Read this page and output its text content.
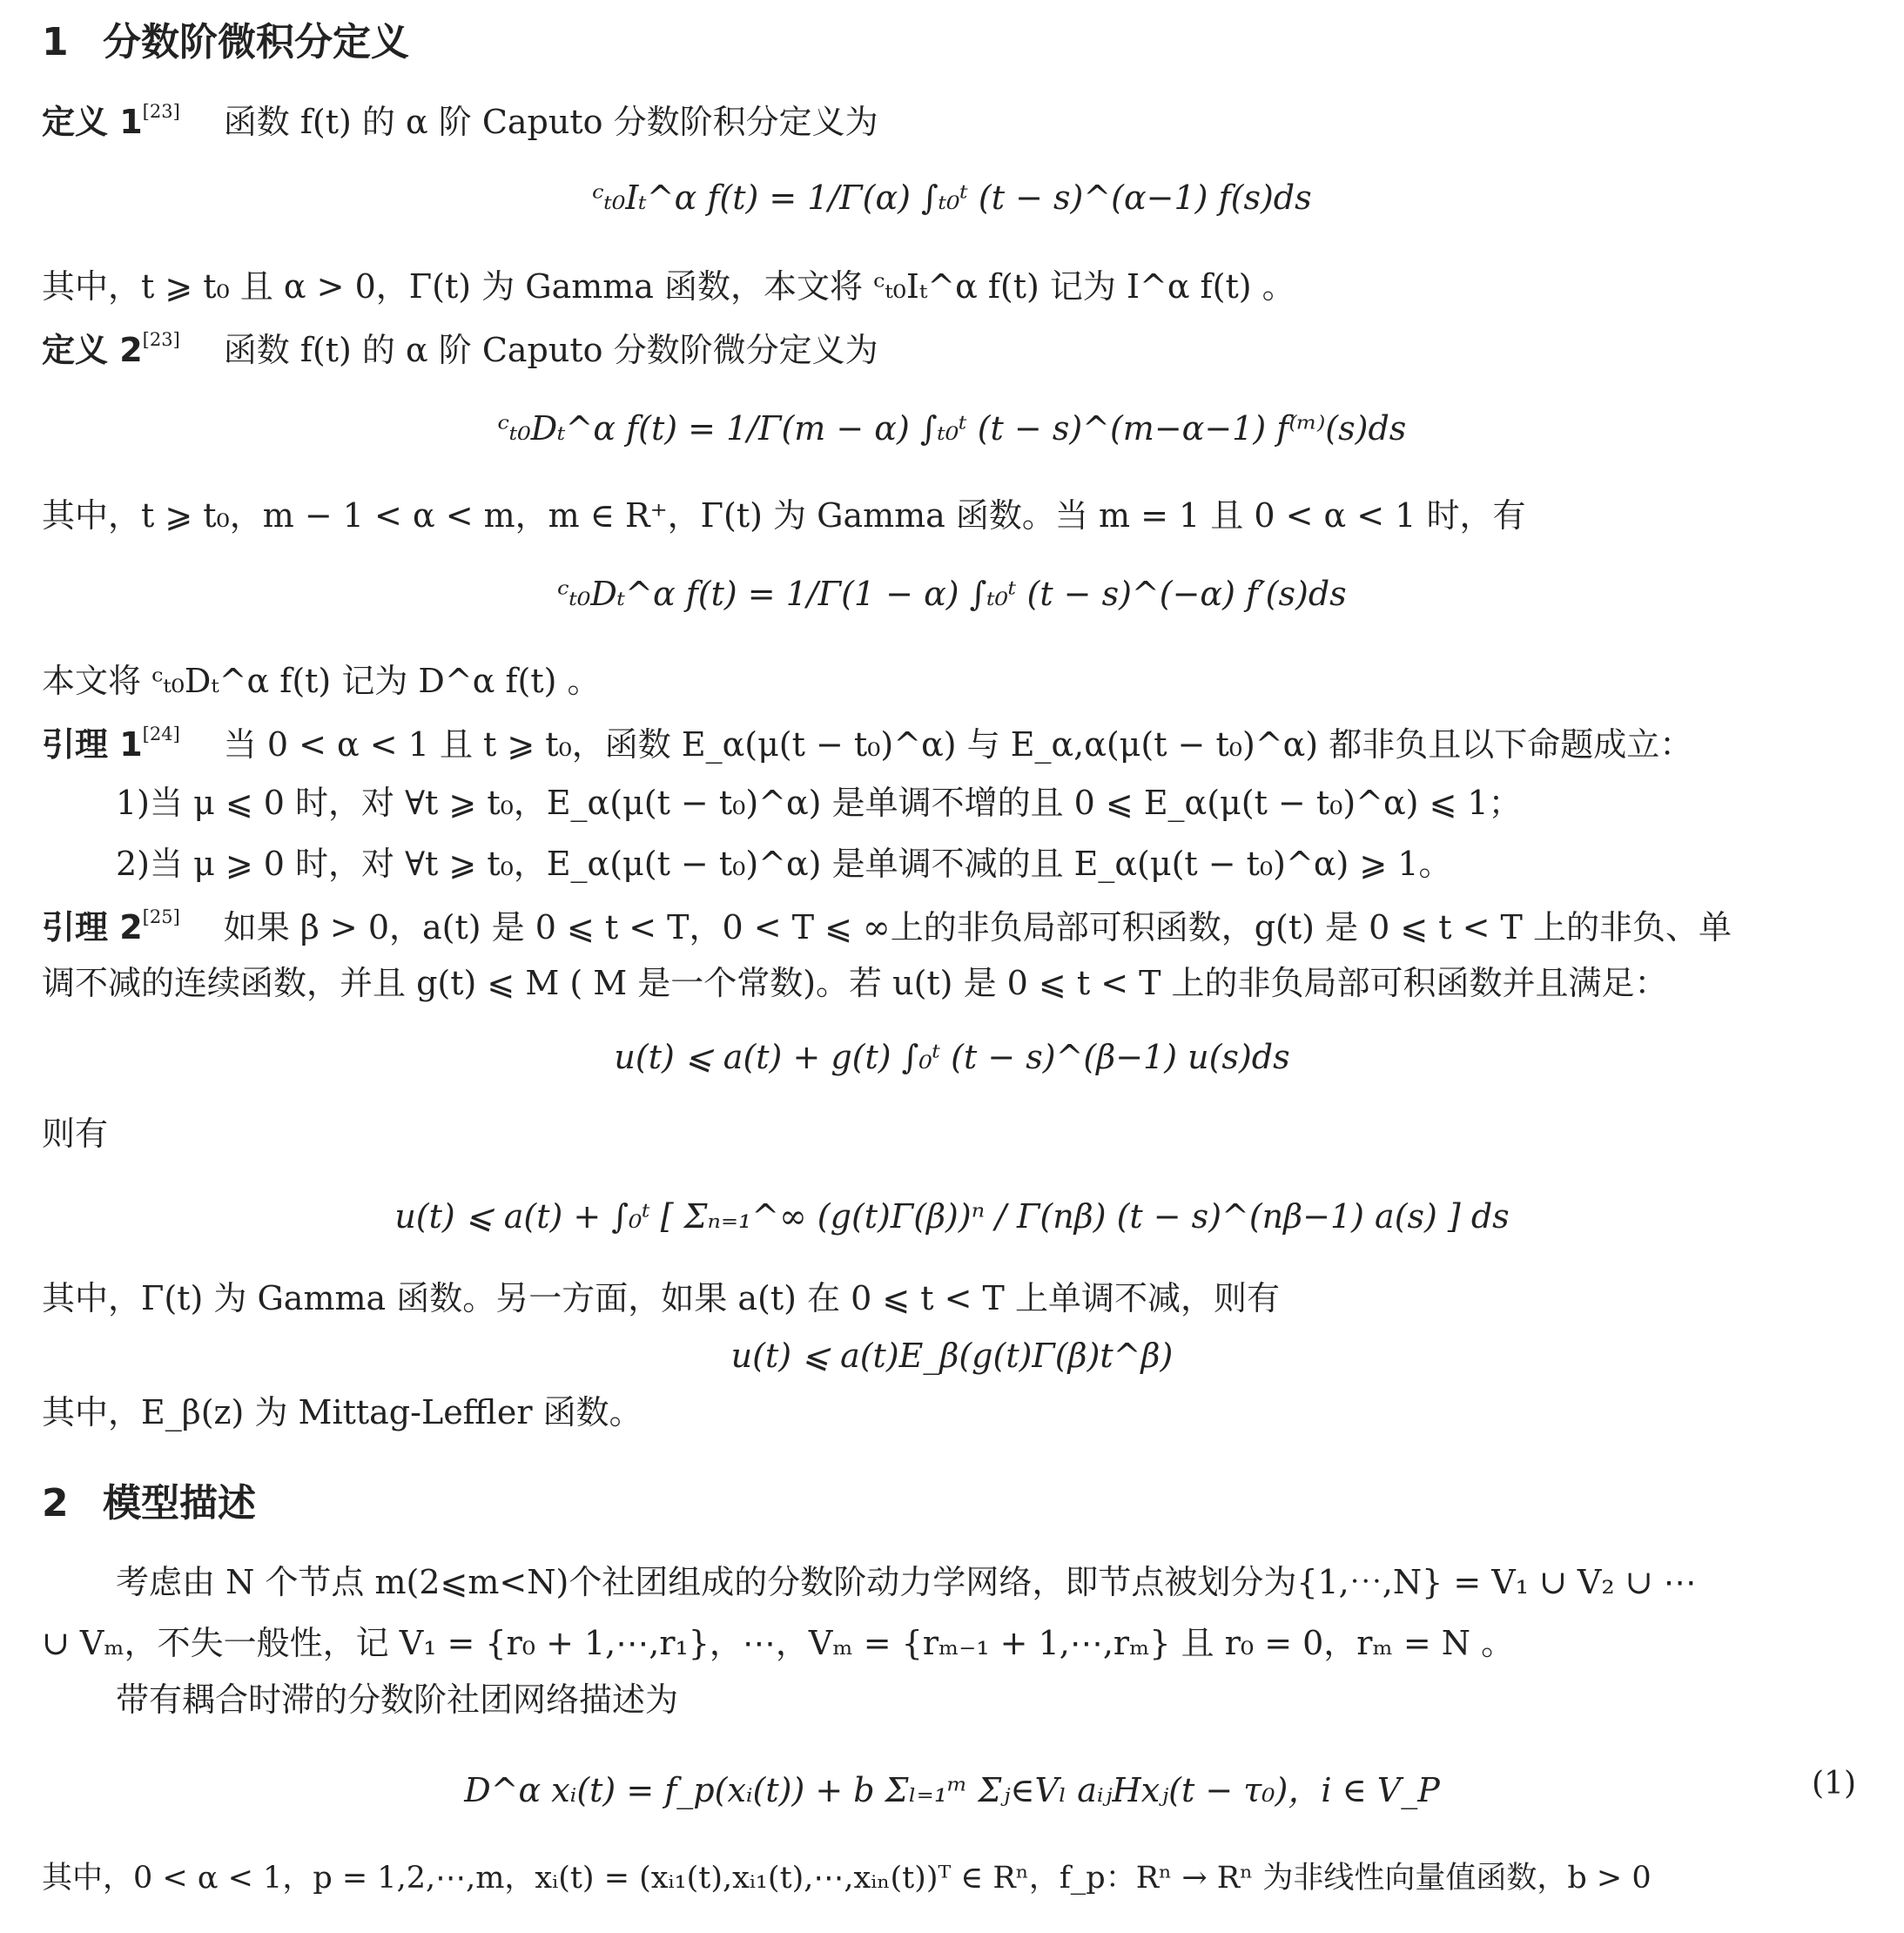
1 分数阶微积分定义
定义 1[23] 函数 f(t) 的 α 阶 Caputo 分数阶积分定义为
ᶜₜ₀Iₜ^α f(t) = 1/Γ(α) ∫ₜ₀ᵗ (t − s)^(α−1) f(s)ds
其中，t ⩾ t₀ 且 α > 0，Γ(t) 为 Gamma 函数，本文将 ᶜₜ₀Iₜ^α f(t) 记为 I^α f(t) 。
定义 2[23] 函数 f(t) 的 α 阶 Caputo 分数阶微分定义为
ᶜₜ₀Dₜ^α f(t) = 1/Γ(m − α) ∫ₜ₀ᵗ (t − s)^(m−α−1) f⁽ᵐ⁾(s)ds
其中，t ⩾ t₀，m − 1 < α < m，m ∈ R⁺，Γ(t) 为 Gamma 函数。当 m = 1 且 0 < α < 1 时，有
ᶜₜ₀Dₜ^α f(t) = 1/Γ(1 − α) ∫ₜ₀ᵗ (t − s)^(−α) f′(s)ds
本文将 ᶜₜ₀Dₜ^α f(t) 记为 D^α f(t) 。
引理 1[24] 当 0 < α < 1 且 t ⩾ t₀，函数 E_α(μ(t − t₀)^α) 与 E_α,α(μ(t − t₀)^α) 都非负且以下命题成立：
1)当 μ ⩽ 0 时，对 ∀t ⩾ t₀，E_α(μ(t − t₀)^α) 是单调不增的且 0 ⩽ E_α(μ(t − t₀)^α) ⩽ 1；
2)当 μ ⩾ 0 时，对 ∀t ⩾ t₀，E_α(μ(t − t₀)^α) 是单调不减的且 E_α(μ(t − t₀)^α) ⩾ 1。
引理 2[25] 如果 β > 0，a(t) 是 0 ⩽ t < T，0 < T ⩽ ∞上的非负局部可积函数，g(t) 是 0 ⩽ t < T 上的非负、单
调不减的连续函数，并且 g(t) ⩽ M ( M 是一个常数)。若 u(t) 是 0 ⩽ t < T 上的非负局部可积函数并且满足：
u(t) ⩽ a(t) + g(t) ∫₀ᵗ (t − s)^(β−1) u(s)ds
则有
u(t) ⩽ a(t) + ∫₀ᵗ [ Σₙ₌₁^∞ (g(t)Γ(β))ⁿ / Γ(nβ) (t − s)^(nβ−1) a(s) ] ds
其中，Γ(t) 为 Gamma 函数。另一方面，如果 a(t) 在 0 ⩽ t < T 上单调不减，则有
u(t) ⩽ a(t)E_β(g(t)Γ(β)t^β)
其中，E_β(z) 为 Mittag-Leffler 函数。
2 模型描述
考虑由 N 个节点 m(2⩽m<N)个社团组成的分数阶动力学网络，即节点被划分为{1,⋯,N} = V₁ ∪ V₂ ∪ ⋯
∪ Vₘ，不失一般性，记 V₁ = {r₀ + 1,⋯,r₁}，⋯，Vₘ = {rₘ₋₁ + 1,⋯,rₘ} 且 r₀ = 0，rₘ = N 。
带有耦合时滞的分数阶社团网络描述为
D^α xᵢ(t) = f_p(xᵢ(t)) + b Σₗ₌₁ᵐ Σⱼ∈Vₗ aᵢⱼHxⱼ(t − τ₀)，i ∈ V_P	(1)
其中，0 < α < 1，p = 1,2,⋯,m，xᵢ(t) = (xᵢ₁(t),xᵢ₁(t),⋯,xᵢₙ(t))ᵀ ∈ Rⁿ，f_p：Rⁿ → Rⁿ 为非线性向量值函数，b > 0
